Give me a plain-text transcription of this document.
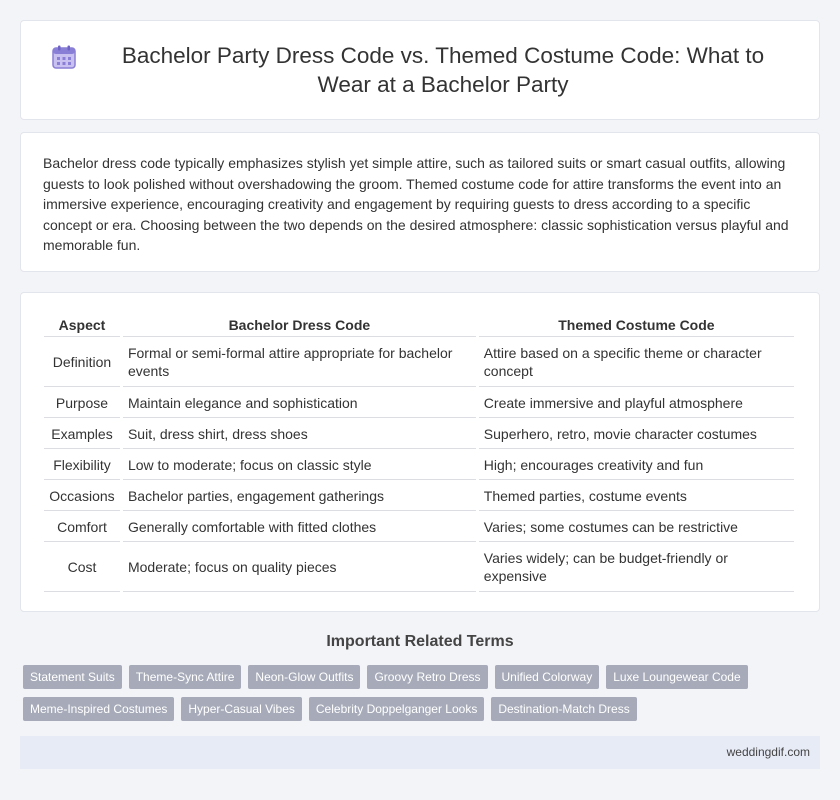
Bachelor Party Dress Code vs. Themed Costume Code: What to Wear at a Bachelor Party

Bachelor dress code typically emphasizes stylish yet simple attire, such as tailored suits or smart casual outfits, allowing guests to look polished without overshadowing the groom. Themed costume code for attire transforms the event into an immersive experience, encouraging creativity and engagement by requiring guests to dress according to a specific concept or era. Choosing between the two depends on the desired atmosphere: classic sophistication versus playful and memorable fun.

Aspect	Bachelor Dress Code	Themed Costume Code
Definition	Formal or semi-formal attire appropriate for bachelor events	Attire based on a specific theme or character concept
Purpose	Maintain elegance and sophistication	Create immersive and playful atmosphere
Examples	Suit, dress shirt, dress shoes	Superhero, retro, movie character costumes
Flexibility	Low to moderate; focus on classic style	High; encourages creativity and fun
Occasions	Bachelor parties, engagement gatherings	Themed parties, costume events
Comfort	Generally comfortable with fitted clothes	Varies; some costumes can be restrictive
Cost	Moderate; focus on quality pieces	Varies widely; can be budget-friendly or expensive
Important Related Terms
Statement Suits	Theme-Sync Attire	Neon-Glow Outfits	Groovy Retro Dress	Unified Colorway	Luxe Loungewear Code
Meme-Inspired Costumes	Hyper-Casual Vibes	Celebrity Doppelganger Looks	Destination-Match Dress
weddingdif.com
